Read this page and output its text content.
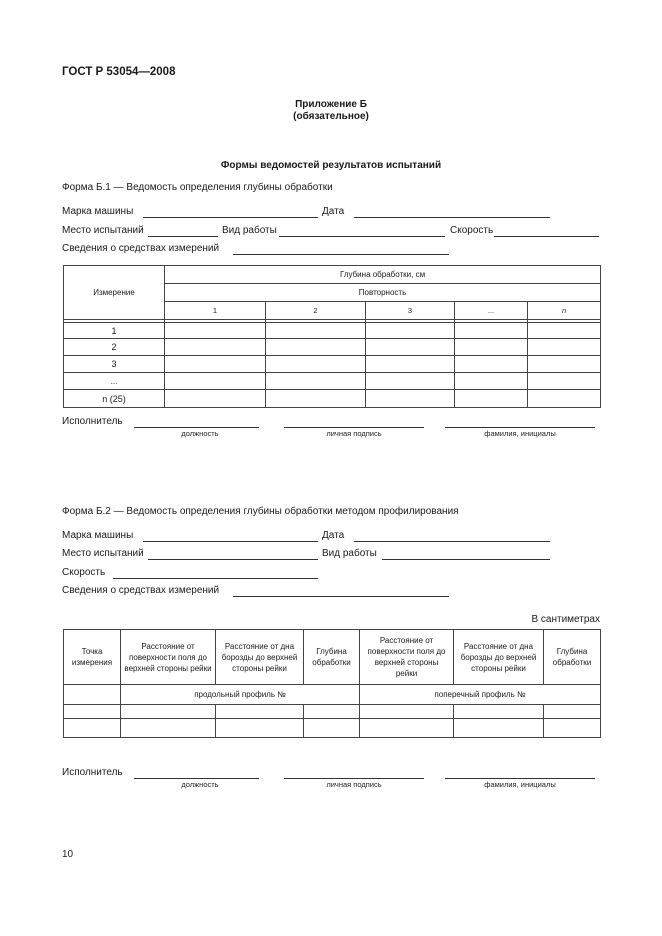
ГОСТ Р 53054—2008
Приложение Б
(обязательное)
Формы ведомостей результатов испытаний
Форма Б.1 — Ведомость определения глубины обработки
Марка машины	Дата
Место испытаний	Вид работы	Скорость
Сведения о средствах измерений
Измерение	Глубина обработки, см				
	Повторность				
	1	2	3	...	n

1					
2					
3					
...					
n (25)					
Исполнитель
должность	личная подпись	фамилия, инициалы
Форма Б.2 — Ведомость определения глубины обработки методом профилирования
Марка машины	Дата
Место испытаний	Вид работы
Скорость
Сведения о средствах измерений
В сантиметрах
Точка измерения	Расстояние от поверхности поля до верхней стороны рейки	Расстояние от дна борозды до верхней стороны рейки	Глубина обработки	Расстояние от поверхности поля до верхней стороны рейки	Расстояние от дна борозды до верхней стороны рейки	Глубина обработки
	продольный профиль №			поперечный профиль №		

Исполнитель
должность	личная подпись	фамилия, инициалы
10
